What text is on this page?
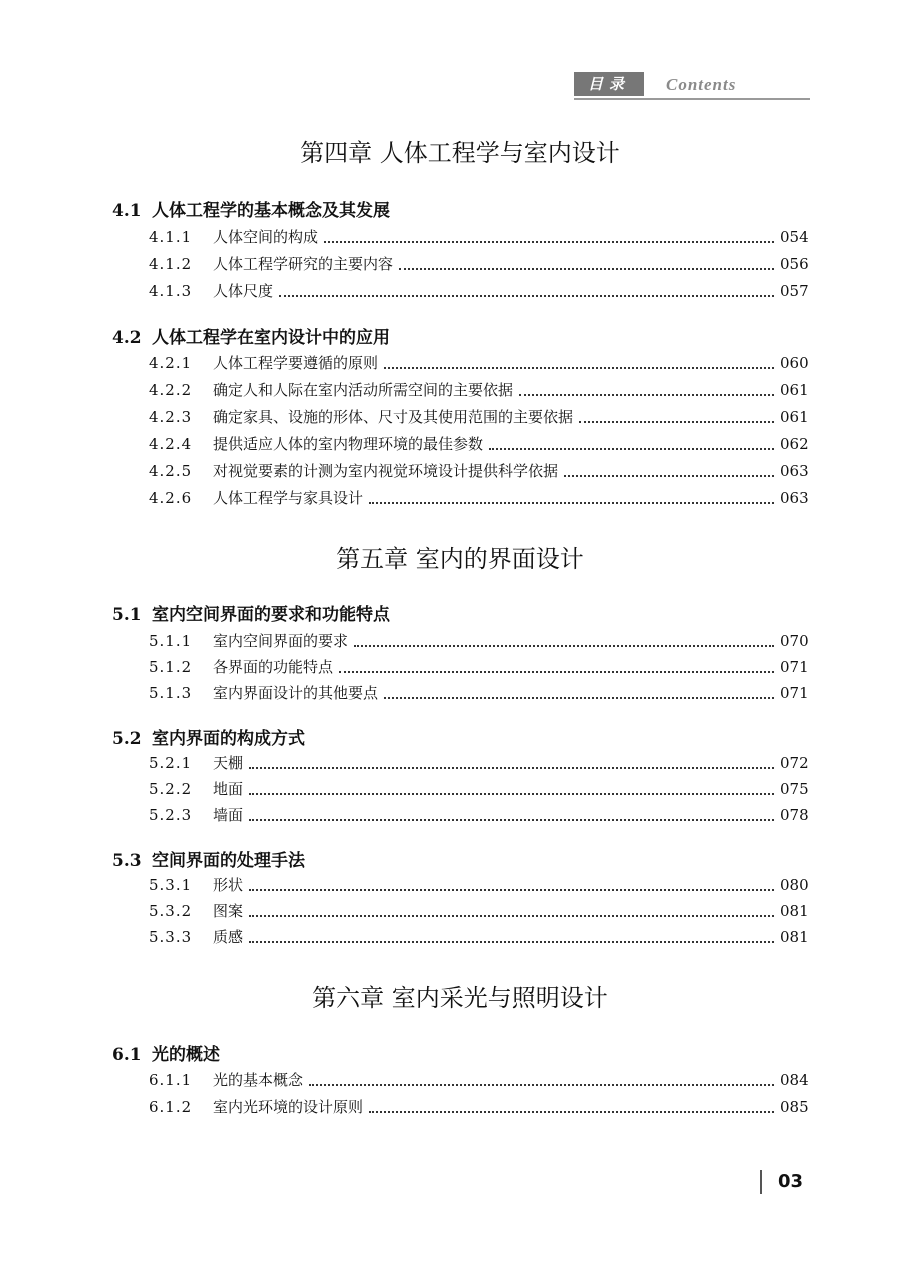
目录	Contents
第四章 人体工程学与室内设计
4.1 人体工程学的基本概念及其发展
4.1.1	人体空间的构成	054
4.1.2	人体工程学研究的主要内容	056
4.1.3	人体尺度	057
4.2 人体工程学在室内设计中的应用
4.2.1	人体工程学要遵循的原则	060
4.2.2	确定人和人际在室内活动所需空间的主要依据	061
4.2.3	确定家具、设施的形体、尺寸及其使用范围的主要依据	061
4.2.4	提供适应人体的室内物理环境的最佳参数	062
4.2.5	对视觉要素的计测为室内视觉环境设计提供科学依据	063
4.2.6	人体工程学与家具设计	063
第五章 室内的界面设计
5.1 室内空间界面的要求和功能特点
5.1.1	室内空间界面的要求	070
5.1.2	各界面的功能特点	071
5.1.3	室内界面设计的其他要点	071
5.2 室内界面的构成方式
5.2.1	天棚	072
5.2.2	地面	075
5.2.3	墙面	078
5.3 空间界面的处理手法
5.3.1	形状	080
5.3.2	图案	081
5.3.3	质感	081
第六章 室内采光与照明设计
6.1 光的概述
6.1.1	光的基本概念	084
6.1.2	室内光环境的设计原则	085
03
